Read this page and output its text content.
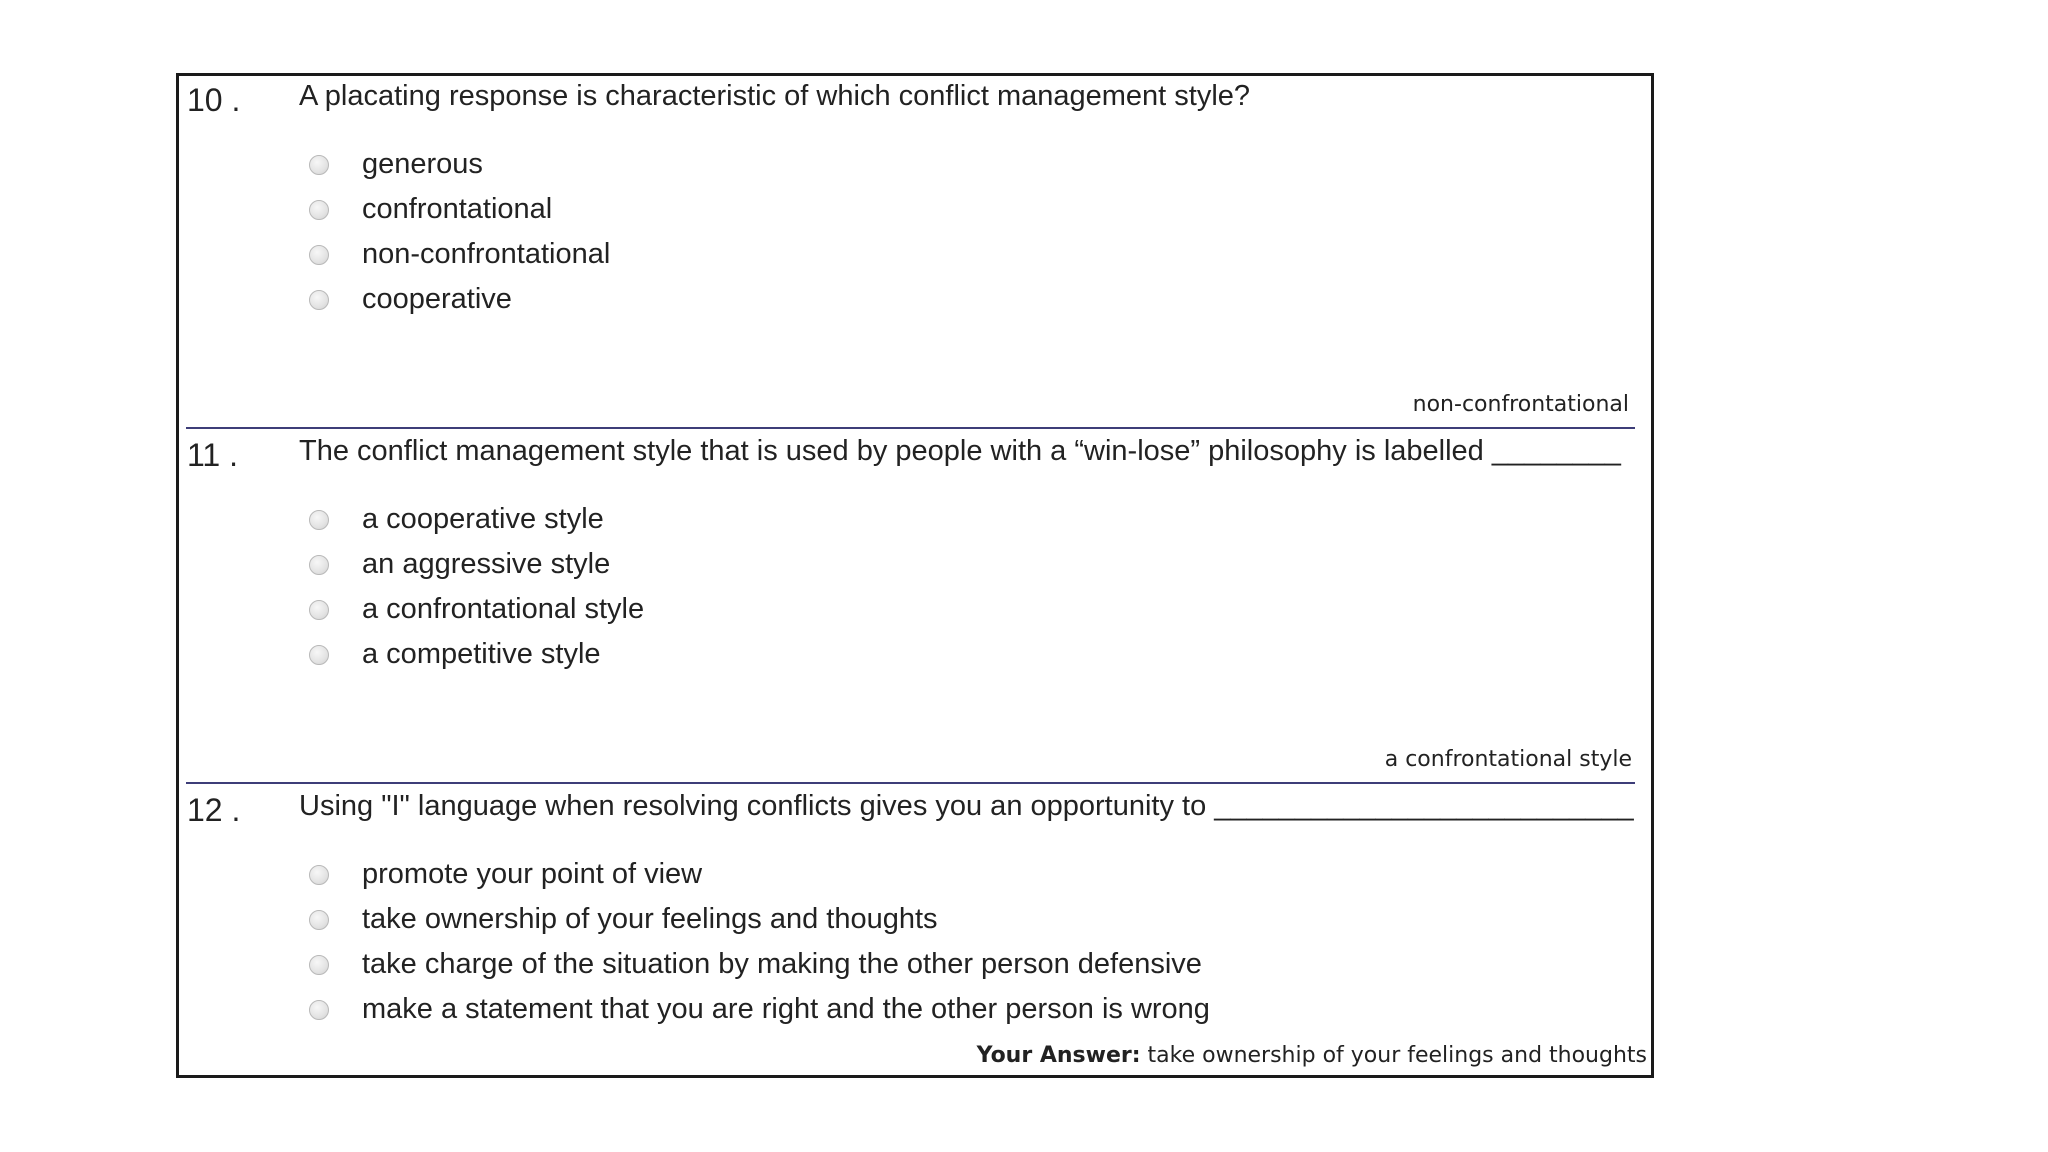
10 . A placating response is characteristic of which conflict management style?
generous
confrontational
non-confrontational
cooperative
non-confrontational
11 . The conflict management style that is used by people with a “win-lose” philosophy is labelled ________
a cooperative style
an aggressive style
a confrontational style
a competitive style
a confrontational style
12 . Using "I" language when resolving conflicts gives you an opportunity to __________________________
promote your point of view
take ownership of your feelings and thoughts
take charge of the situation by making the other person defensive
make a statement that you are right and the other person is wrong
Your Answer: take ownership of your feelings and thoughts
